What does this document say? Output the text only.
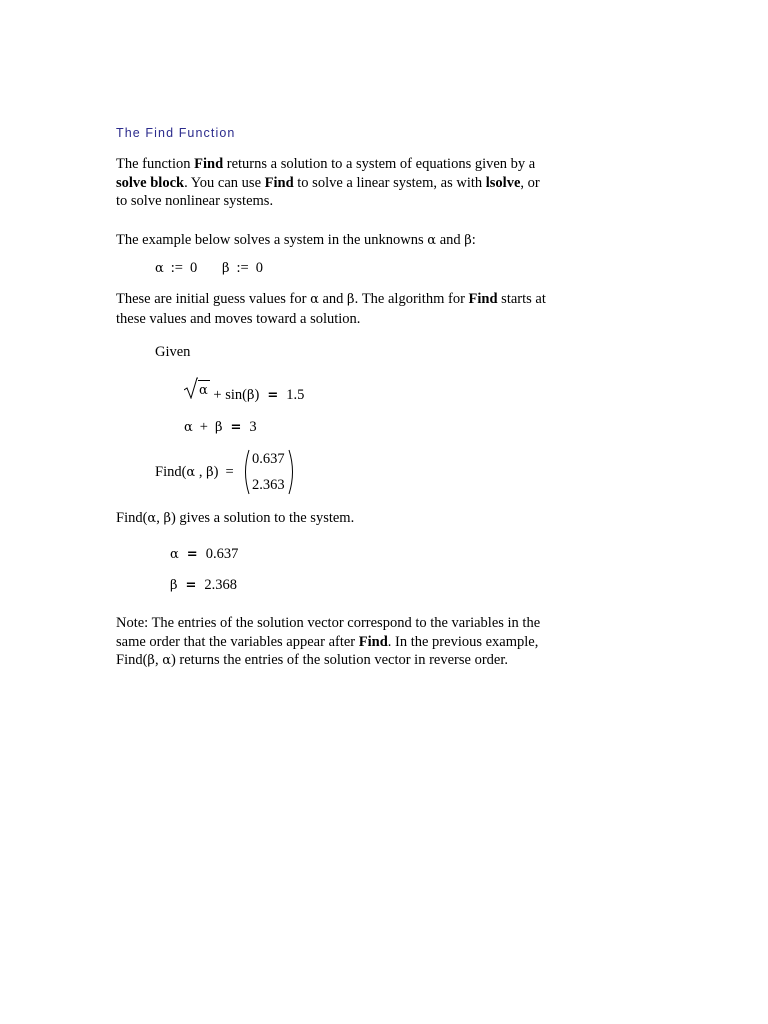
The Find Function

The function Find returns a solution to a system of equations given by a solve block. You can use Find to solve a linear system, as with lsolve, or to solve nonlinear systems.

The example below solves a system in the unknowns α and β:

α := 0 β := 0

These are initial guess values for α and β. The algorithm for Find starts at these values and moves toward a solution.

Given
α + sin(β) = 1.5
α + β = 3
Find(α , β) =
0.637
2.363

Find(α, β) gives a solution to the system.

α = 0.637
β = 2.368

Note: The entries of the solution vector correspond to the variables in the same order that the variables appear after Find. In the previous example, Find(β, α) returns the entries of the solution vector in reverse order.
